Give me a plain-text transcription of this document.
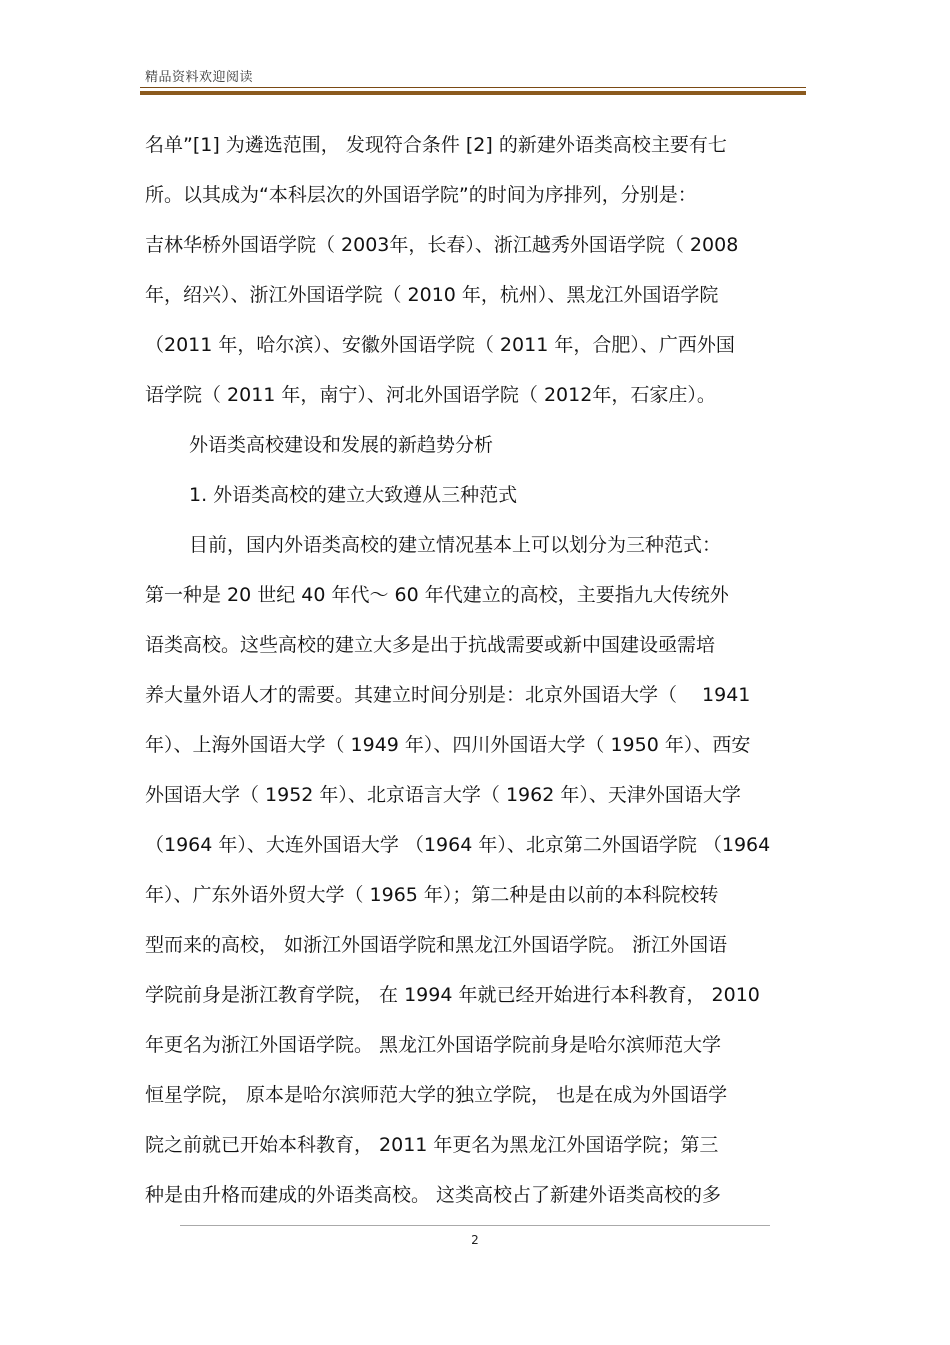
精品资料欢迎阅读
名单”[1] 为遴选范围， 发现符合条件 [2] 的新建外语类高校主要有七
所。以其成为“本科层次的外国语学院”的时间为序排列，分别是：
吉林华桥外国语学院（ 2003年，长春）、浙江越秀外国语学院（ 2008
年，绍兴）、浙江外国语学院（ 2010 年，杭州）、黑龙江外国语学院
（2011 年，哈尔滨）、安徽外国语学院（ 2011 年，合肥）、广西外国
语学院（ 2011 年，南宁）、河北外国语学院（ 2012年，石家庄）。
外语类高校建设和发展的新趋势分析
1. 外语类高校的建立大致遵从三种范式
目前，国内外语类高校的建立情况基本上可以划分为三种范式：
第一种是 20 世纪 40 年代～ 60 年代建立的高校，主要指九大传统外
语类高校。这些高校的建立大多是出于抗战需要或新中国建设亟需培
养大量外语人才的需要。其建立时间分别是：北京外国语大学（　 1941
年）、上海外国语大学（ 1949 年）、四川外国语大学（ 1950 年）、西安
外国语大学（ 1952 年）、北京语言大学（ 1962 年）、天津外国语大学
（1964 年）、大连外国语大学 （1964 年）、北京第二外国语学院 （1964
年）、广东外语外贸大学（ 1965 年）；第二种是由以前的本科院校转
型而来的高校， 如浙江外国语学院和黑龙江外国语学院。 浙江外国语
学院前身是浙江教育学院， 在 1994 年就已经开始进行本科教育， 2010
年更名为浙江外国语学院。 黑龙江外国语学院前身是哈尔滨师范大学
恒星学院， 原本是哈尔滨师范大学的独立学院， 也是在成为外国语学
院之前就已开始本科教育， 2011 年更名为黑龙江外国语学院；第三
种是由升格而建成的外语类高校。 这类高校占了新建外语类高校的多
2
